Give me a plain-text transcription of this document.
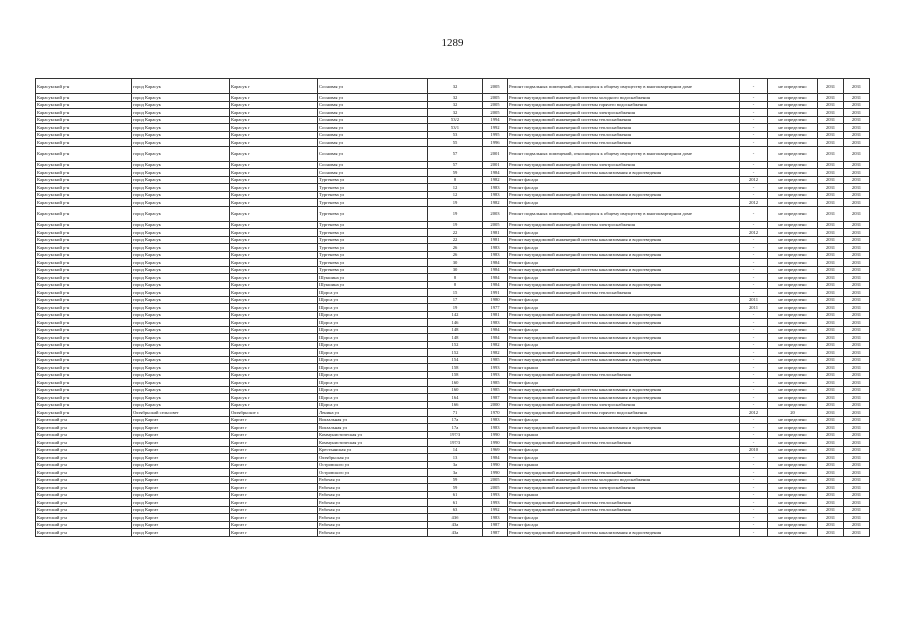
1289
Карасукский р-н	город Карасук	Карасук г	Сосновая ул	32	2005	Ремонт подвальных помещений, относящихся к общему имуществу в многоквартирном доме	-	не определено	2031	2031
Карасукский р-н	город Карасук	Карасук г	Сосновая ул	32	2005	Ремонт внутридомовой инженерной системы холодного водоснабжения	-	не определено	2031	2031
Карасукский р-н	город Карасук	Карасук г	Сосновая ул	32	2005	Ремонт внутридомовой инженерной системы горячего водоснабжения	-	не определено	2031	2031
Карасукский р-н	город Карасук	Карасук г	Сосновая ул	32	2005	Ремонт внутридомовой инженерной системы электроснабжения	-	не определено	2031	2031
Карасукский р-н	город Карасук	Карасук г	Сосновая ул	53/2	1994	Ремонт внутридомовой инженерной системы теплоснабжения	-	не определено	2031	2031
Карасукский р-н	город Карасук	Карасук г	Сосновая ул	53/1	1992	Ремонт внутридомовой инженерной системы теплоснабжения	-	не определено	2031	2031
Карасукский р-н	город Карасук	Карасук г	Сосновая ул	53	1995	Ремонт внутридомовой инженерной системы теплоснабжения	-	не определено	2031	2031
Карасукский р-н	город Карасук	Карасук г	Сосновая ул	55	1996	Ремонт внутридомовой инженерной системы теплоснабжения	-	не определено	2031	2031
Карасукский р-н	город Карасук	Карасук г	Сосновая ул	57	2001	Ремонт подвальных помещений, относящихся к общему имуществу в многоквартирном доме	-	не определено	2031	2031
Карасукский р-н	город Карасук	Карасук г	Сосновая ул	57	2001	Ремонт внутридомовой инженерной системы электроснабжения	-	не определено	2031	2031
Карасукский р-н	город Карасук	Карасук г	Сосновая ул	59	1984	Ремонт внутридомовой инженерной системы канализования и водоотведения	-	не определено	2031	2031
Карасукский р-н	город Карасук	Карасук г	Тургенева ул	8	1982	Ремонт фасада	2012	не определено	2031	2031
Карасукский р-н	город Карасук	Карасук г	Тургенева ул	12	1983	Ремонт фасада	-	не определено	2031	2031
Карасукский р-н	город Карасук	Карасук г	Тургенева ул	12	1983	Ремонт внутридомовой инженерной системы канализования и водоотведения	-	не определено	2031	2031
Карасукский р-н	город Карасук	Карасук г	Тургенева ул	19	1982	Ремонт фасада	2012	не определено	2031	2031
Карасукский р-н	город Карасук	Карасук г	Тургенева ул	19	2003	Ремонт подвальных помещений, относящихся к общему имуществу в многоквартирном доме	-	не определено	2031	2031
Карасукский р-н	город Карасук	Карасук г	Тургенева ул	19	2005	Ремонт внутридомовой инженерной системы электроснабжения	-	не определено	2031	2031
Карасукский р-н	город Карасук	Карасук г	Тургенева ул	22	1981	Ремонт фасада	2012	не определено	2031	2031
Карасукский р-н	город Карасук	Карасук г	Тургенева ул	22	1981	Ремонт внутридомовой инженерной системы канализования и водоотведения	-	не определено	2031	2031
Карасукский р-н	город Карасук	Карасук г	Тургенева ул	26	1983	Ремонт фасада	-	не определено	2031	2031
Карасукский р-н	город Карасук	Карасук г	Тургенева ул	26	1983	Ремонт внутридомовой инженерной системы канализования и водоотведения	-	не определено	2031	2031
Карасукский р-н	город Карасук	Карасук г	Тургенева ул	30	1984	Ремонт фасада	-	не определено	2031	2031
Карасукский р-н	город Карасук	Карасук г	Тургенева ул	30	1984	Ремонт внутридомовой инженерной системы канализования и водоотведения	-	не определено	2031	2031
Карасукский р-н	город Карасук	Карасук г	Шукшина ул	8	1984	Ремонт фасада	-	не определено	2031	2031
Карасукский р-н	город Карасук	Карасук г	Шукшина ул	8	1984	Ремонт внутридомовой инженерной системы канализования и водоотведения	-	не определено	2031	2031
Карасукский р-н	город Карасук	Карасук г	Щорса ул	15	1991	Ремонт внутридомовой инженерной системы теплоснабжения	-	не определено	2031	2031
Карасукский р-н	город Карасук	Карасук г	Щорса ул	17	1980	Ремонт фасада	2011	не определено	2031	2031
Карасукский р-н	город Карасук	Карасук г	Щорса ул	19	1977	Ремонт фасада	2011	не определено	2031	2031
Карасукский р-н	город Карасук	Карасук г	Щорса ул	142	1981	Ремонт внутридомовой инженерной системы канализования и водоотведения	-	не определено	2031	2031
Карасукский р-н	город Карасук	Карасук г	Щорса ул	146	1983	Ремонт внутридомовой инженерной системы канализования и водоотведения	-	не определено	2031	2031
Карасукский р-н	город Карасук	Карасук г	Щорса ул	148	1984	Ремонт фасада	-	не определено	2031	2031
Карасукский р-н	город Карасук	Карасук г	Щорса ул	148	1984	Ремонт внутридомовой инженерной системы канализования и водоотведения	-	не определено	2031	2031
Карасукский р-н	город Карасук	Карасук г	Щорса ул	152	1982	Ремонт фасада	-	не определено	2031	2031
Карасукский р-н	город Карасук	Карасук г	Щорса ул	152	1982	Ремонт внутридомовой инженерной системы канализования и водоотведения	-	не определено	2031	2031
Карасукский р-н	город Карасук	Карасук г	Щорса ул	154	1985	Ремонт внутридомовой инженерной системы канализования и водоотведения	-	не определено	2031	2031
Карасукский р-н	город Карасук	Карасук г	Щорса ул	158	1993	Ремонт крыши	-	не определено	2031	2031
Карасукский р-н	город Карасук	Карасук г	Щорса ул	158	1993	Ремонт внутридомовой инженерной системы теплоснабжения	-	не определено	2031	2031
Карасукский р-н	город Карасук	Карасук г	Щорса ул	160	1985	Ремонт фасада	-	не определено	2031	2031
Карасукский р-н	город Карасук	Карасук г	Щорса ул	160	1985	Ремонт внутридомовой инженерной системы канализования и водоотведения	-	не определено	2031	2031
Карасукский р-н	город Карасук	Карасук г	Щорса ул	164	1987	Ремонт внутридомовой инженерной системы канализования и водоотведения	-	не определено	2031	2031
Карасукский р-н	город Карасук	Карасук г	Щорса ул	166	2000	Ремонт внутридомовой инженерной системы электроснабжения	-	не определено	2031	2031
Карасукский р-н	Октябрьский сельсовет	Октябрьское с	Ленина ул	71	1970	Ремонт внутридомовой инженерной системы горячего водоснабжения	2012	20	2031	2031
Каргатский р-н	город Каргат	Каргат г	Вокзальная ул	17а	1983	Ремонт фасада	-	не определено	2031	2031
Каргатский р-н	город Каргат	Каргат г	Вокзальная ул	17а	1983	Ремонт внутридомовой инженерной системы канализования и водоотведения	-	не определено	2031	2031
Каргатский р-н	город Каргат	Каргат г	Коммунистическая ул	197/3	1990	Ремонт крыши	-	не определено	2031	2031
Каргатский р-н	город Каргат	Каргат г	Коммунистическая ул	197/3	1990	Ремонт внутридомовой инженерной системы теплоснабжения	-	не определено	2031	2031
Каргатский р-н	город Каргат	Каргат г	Крестьянская ул	14	1969	Ремонт фасада	2010	не определено	2031	2031
Каргатский р-н	город Каргат	Каргат г	Октябрьская ул	13	1984	Ремонт фасада	-	не определено	2031	2031
Каргатский р-н	город Каргат	Каргат г	Островского ул	3а	1990	Ремонт крыши	-	не определено	2031	2031
Каргатский р-н	город Каргат	Каргат г	Островского ул	3а	1990	Ремонт внутридомовой инженерной системы теплоснабжения	-	не определено	2031	2031
Каргатский р-н	город Каргат	Каргат г	Рабочая ул	59	2005	Ремонт внутридомовой инженерной системы холодного водоснабжения	-	не определено	2031	2031
Каргатский р-н	город Каргат	Каргат г	Рабочая ул	59	2005	Ремонт внутридомовой инженерной системы электроснабжения	-	не определено	2031	2031
Каргатский р-н	город Каргат	Каргат г	Рабочая ул	61	1993	Ремонт крыши	-	не определено	2031	2031
Каргатский р-н	город Каргат	Каргат г	Рабочая ул	61	1993	Ремонт внутридомовой инженерной системы теплоснабжения	-	не определено	2031	2031
Каргатский р-н	город Каргат	Каргат г	Рабочая ул	63	1992	Ремонт внутридомовой инженерной системы теплоснабжения	-	не определено	2031	2031
Каргатский р-н	город Каргат	Каргат г	Рабочая ул	43б	1983	Ремонт фасада	-	не определено	2031	2031
Каргатский р-н	город Каргат	Каргат г	Рабочая ул	43а	1987	Ремонт фасада	-	не определено	2031	2031
Каргатский р-н	город Каргат	Каргат г	Рабочая ул	43а	1987	Ремонт внутридомовой инженерной системы канализования и водоотведения	-	не определено	2031	2031
